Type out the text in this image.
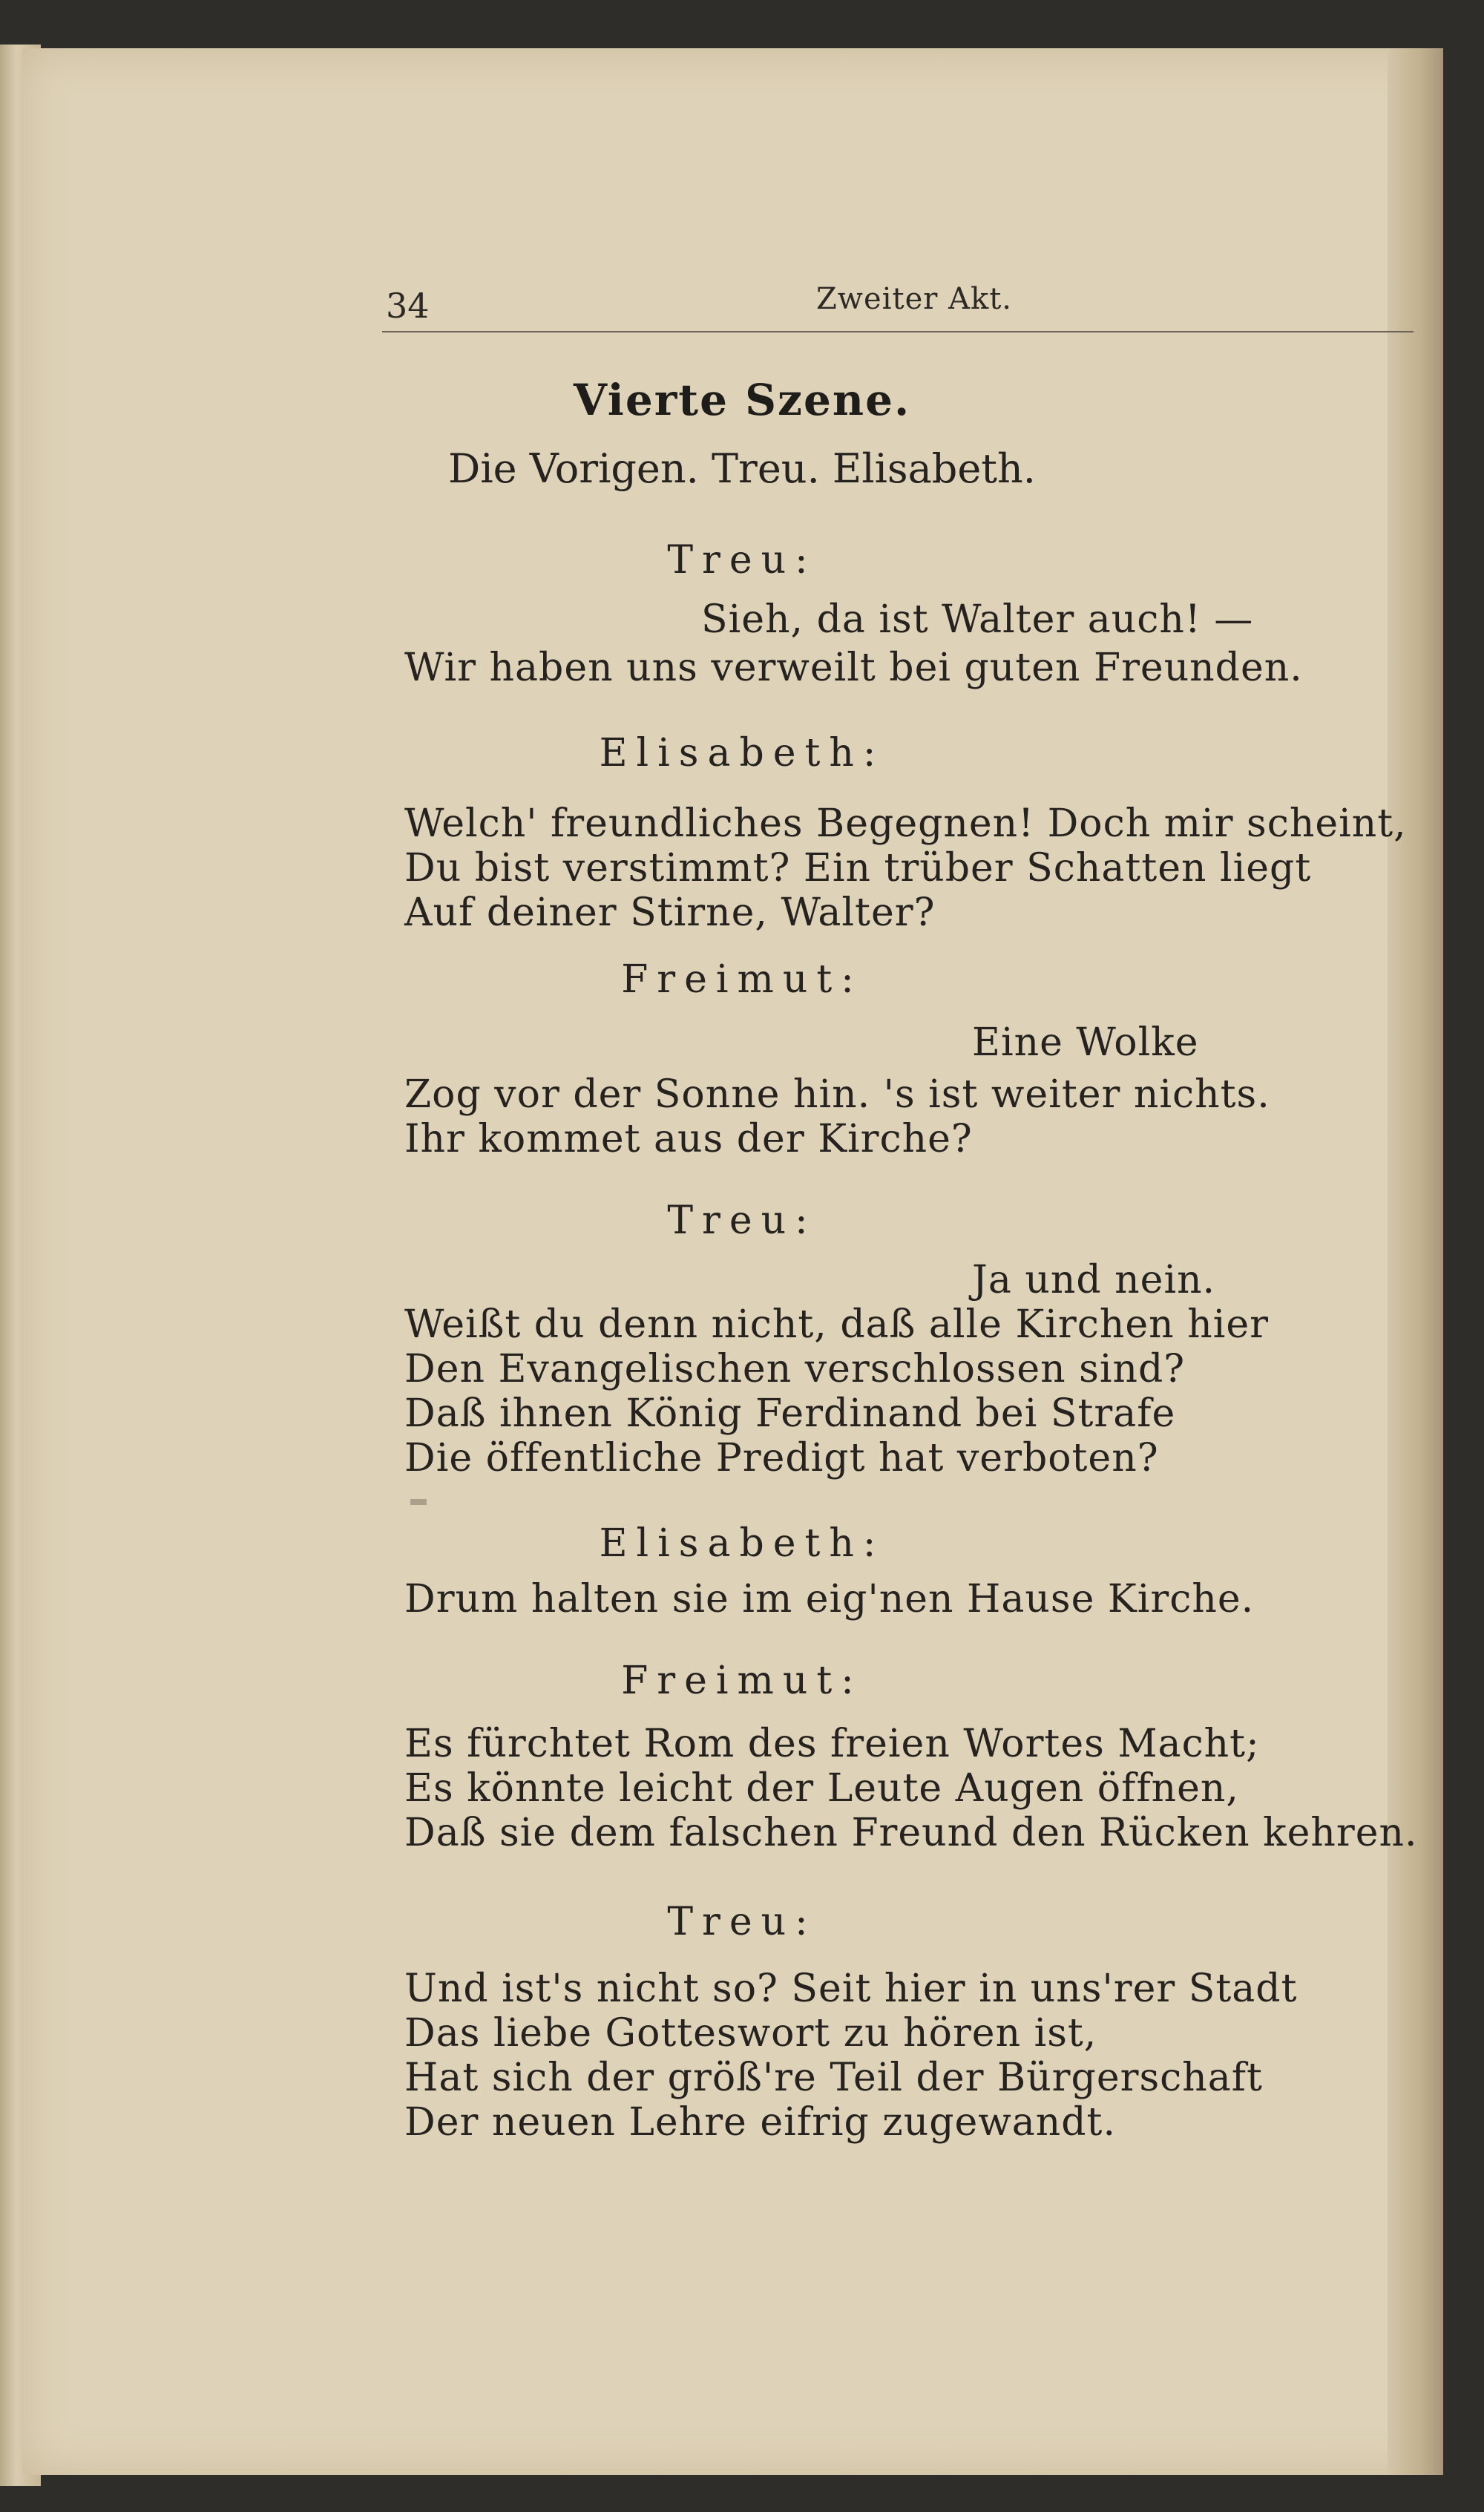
34	Zweiter Akt.
Vierte Szene.
Die Vorigen. Treu. Elisabeth.
Treu:
Sieh, da ist Walter auch! —
Wir haben uns verweilt bei guten Freunden.
Elisabeth:
Welch' freundliches Begegnen! Doch mir scheint,
Du bist verstimmt? Ein trüber Schatten liegt
Auf deiner Stirne, Walter?
Freimut:
Eine Wolke
Zog vor der Sonne hin. 's ist weiter nichts.
Ihr kommet aus der Kirche?
Treu:
Ja und nein.
Weißt du denn nicht, daß alle Kirchen hier
Den Evangelischen verschlossen sind?
Daß ihnen König Ferdinand bei Strafe
Die öffentliche Predigt hat verboten?
Elisabeth:
Drum halten sie im eig'nen Hause Kirche.
Freimut:
Es fürchtet Rom des freien Wortes Macht;
Es könnte leicht der Leute Augen öffnen,
Daß sie dem falschen Freund den Rücken kehren.
Treu:
Und ist's nicht so? Seit hier in uns'rer Stadt
Das liebe Gotteswort zu hören ist,
Hat sich der größ're Teil der Bürgerschaft
Der neuen Lehre eifrig zugewandt.
